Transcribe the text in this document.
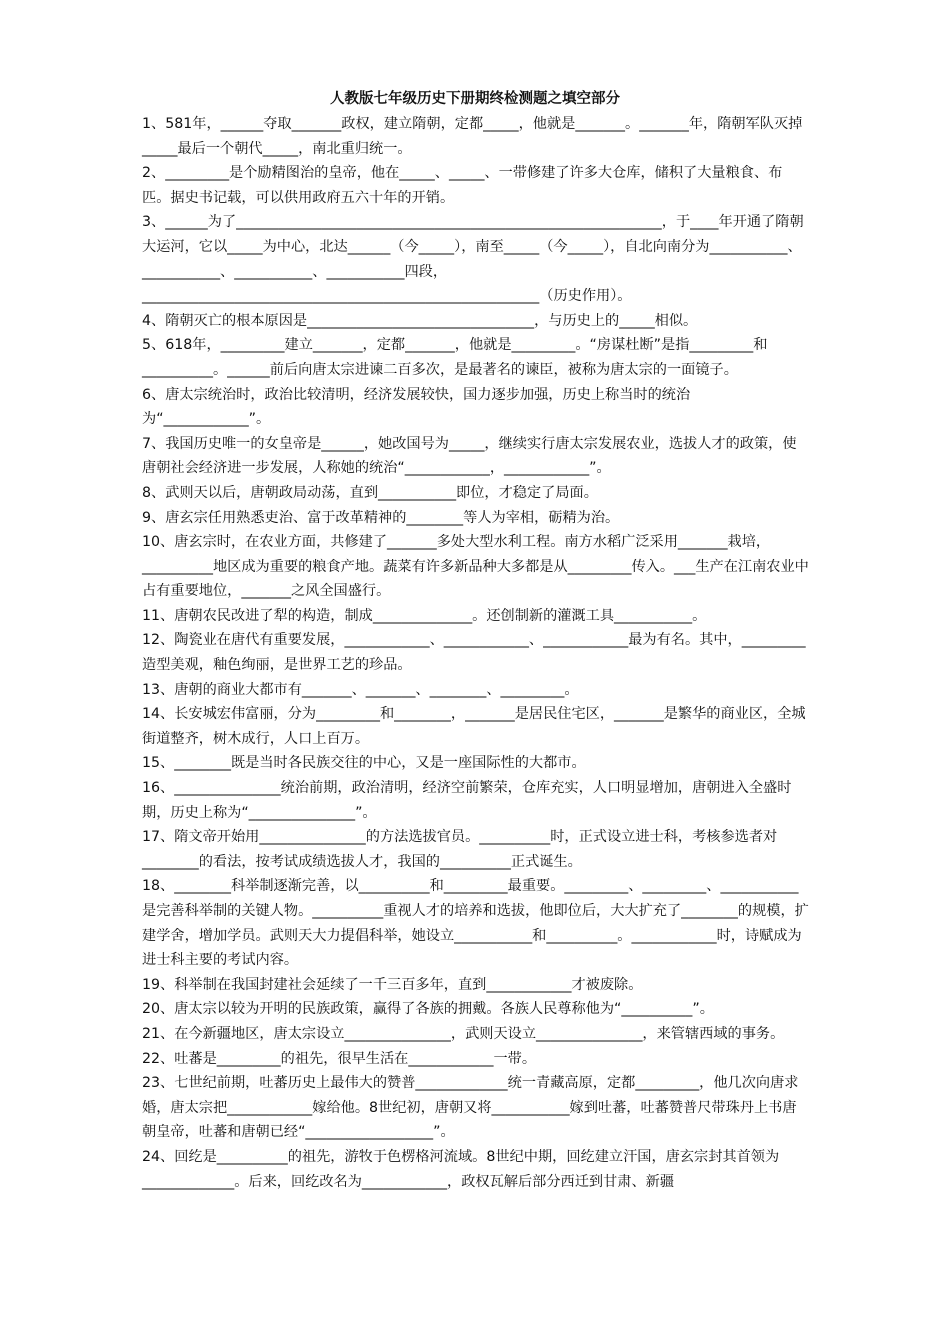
人教版七年级历史下册期终检测题之填空部分

1、581年，______夺取_______政权，建立隋朝，定都_____，他就是_______。_______年，隋朝军队灭掉_____最后一个朝代_____，南北重归统一。

2、_________是个励精图治的皇帝，他在_____、_____、一带修建了许多大仓库，储积了大量粮食、布匹。据史书记载，可以供用政府五六十年的开销。

3、______为了____________________________________________________________，于____年开通了隋朝大运河，它以_____为中心，北达______（今_____），南至_____（今_____），自北向南分为___________、___________、___________、___________四段，________________________________________________________（历史作用）。

4、隋朝灭亡的根本原因是________________________________，与历史上的_____相似。

5、618年，_________建立_______，定都_______，他就是_________。“房谋杜断”是指_________和__________。______前后向唐太宗进谏二百多次，是最著名的谏臣，被称为唐太宗的一面镜子。

6、唐太宗统治时，政治比较清明，经济发展较快，国力逐步加强，历史上称当时的统治为“____________”。

7、我国历史唯一的女皇帝是______，她改国号为_____，继续实行唐太宗发展农业，选拔人才的政策，使唐朝社会经济进一步发展，人称她的统治“____________，____________”。

8、武则天以后，唐朝政局动荡，直到___________即位，才稳定了局面。

9、唐玄宗任用熟悉吏治、富于改革精神的________等人为宰相，砺精为治。

10、唐玄宗时，在农业方面，共修建了_______多处大型水利工程。南方水稻广泛采用_______栽培，__________地区成为重要的粮食产地。蔬菜有许多新品种大多都是从_________传入。___生产在江南农业中占有重要地位，_______之风全国盛行。

11、唐朝农民改进了犁的构造，制成______________。还创制新的灌溉工具___________。

12、陶瓷业在唐代有重要发展，____________、____________、____________最为有名。其中，_________造型美观，釉色绚丽，是世界工艺的珍品。

13、唐朝的商业大都市有_______、_______、________、_________。

14、长安城宏伟富丽，分为_________和________，_______是居民住宅区，_______是繁华的商业区，全城街道整齐，树木成行，人口上百万。

15、________既是当时各民族交往的中心，又是一座国际性的大都市。

16、_______________统治前期，政治清明，经济空前繁荣，仓库充实，人口明显增加，唐朝进入全盛时期，历史上称为“_______________”。

17、隋文帝开始用_______________的方法选拔官员。__________时，正式设立进士科，考核参选者对________的看法，按考试成绩选拔人才，我国的__________正式诞生。

18、________科举制逐渐完善，以__________和_________最重要。_________、_________、___________是完善科举制的关键人物。__________重视人才的培养和选拔，他即位后，大大扩充了________的规模，扩建学舍，增加学员。武则天大力提倡科举，她设立___________和__________。____________时，诗赋成为进士科主要的考试内容。

19、科举制在我国封建社会延续了一千三百多年，直到____________才被废除。

20、唐太宗以较为开明的民族政策，赢得了各族的拥戴。各族人民尊称他为“__________”。

21、在今新疆地区，唐太宗设立_______________，武则天设立_______________，来管辖西域的事务。

22、吐蕃是_________的祖先，很早生活在____________一带。

23、七世纪前期，吐蕃历史上最伟大的赞普_____________统一青藏高原，定都_________，他几次向唐求婚，唐太宗把____________嫁给他。8世纪初，唐朝又将___________嫁到吐蕃，吐蕃赞普尺带珠丹上书唐朝皇帝，吐蕃和唐朝已经“__________________”。

24、回纥是__________的祖先，游牧于色楞格河流域。8世纪中期，回纥建立汗国，唐玄宗封其首领为_____________。后来，回纥改名为____________，政权瓦解后部分西迁到甘肃、新疆
